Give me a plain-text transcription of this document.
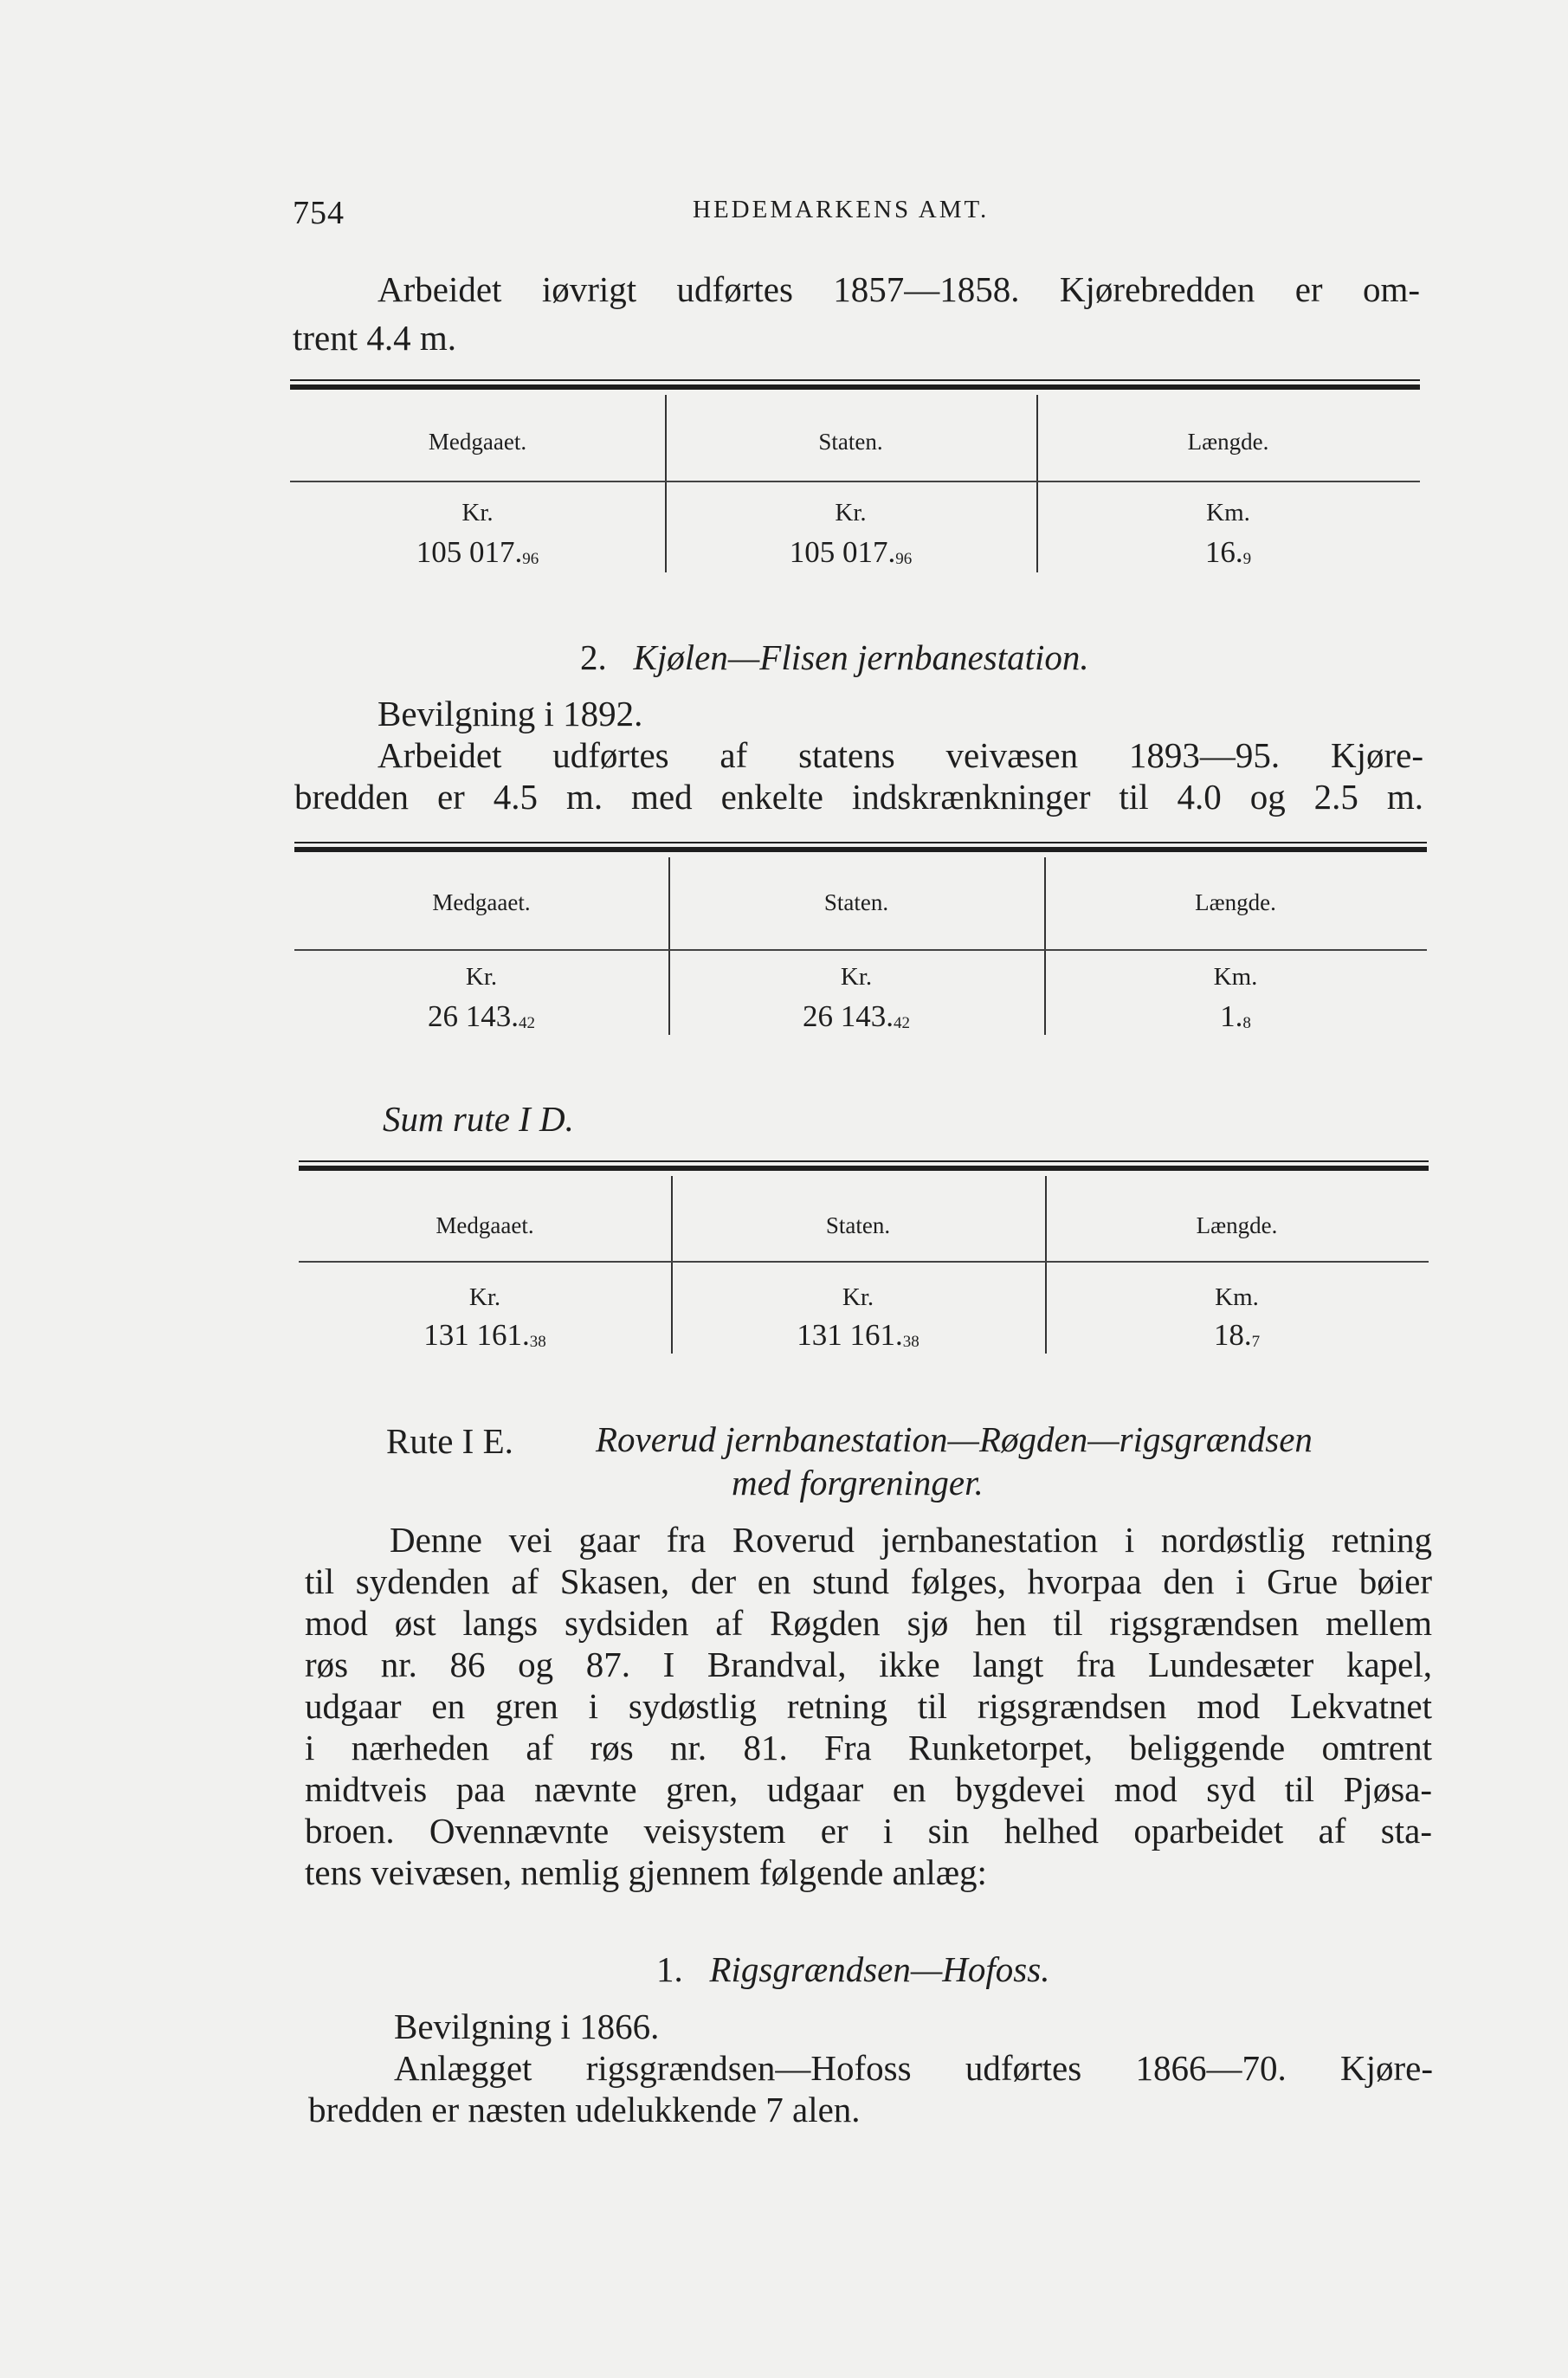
754	HEDEMARKENS AMT.
Arbeidet iøvrigt udførtes 1857—1858. Kjørebredden er om-
trent 4.4 m.
Medgaaet.	Staten.	Længde.
Kr.	Kr.	Km.
105 017.96	105 017.96	16.9
2. Kjølen—Flisen jernbanestation.
Bevilgning i 1892.
Arbeidet udførtes af statens veivæsen 1893—95. Kjøre-
bredden er 4.5 m. med enkelte indskrænkninger til 4.0 og 2.5 m.
Medgaaet.	Staten.	Længde.
Kr.	Kr.	Km.
26 143.42	26 143.42	1.8
Sum rute I D.
Medgaaet.	Staten.	Længde.
Kr.	Kr.	Km.
131 161.38	131 161.38	18.7
Rute I E. Roverud jernbanestation—Røgden—rigsgrændsen
med forgreninger.
Denne vei gaar fra Roverud jernbanestation i nordøstlig retning
til sydenden af Skasen, der en stund følges, hvorpaa den i Grue bøier
mod øst langs sydsiden af Røgden sjø hen til rigsgrændsen mellem
røs nr. 86 og 87. I Brandval, ikke langt fra Lundesæter kapel,
udgaar en gren i sydøstlig retning til rigsgrændsen mod Lekvatnet
i nærheden af røs nr. 81. Fra Runketorpet, beliggende omtrent
midtveis paa nævnte gren, udgaar en bygdevei mod syd til Pjøsa-
broen. Ovennævnte veisystem er i sin helhed oparbeidet af sta-
tens veivæsen, nemlig gjennem følgende anlæg:
1. Rigsgrændsen—Hofoss.
Bevilgning i 1866.
Anlægget rigsgrændsen—Hofoss udførtes 1866—70. Kjøre-
bredden er næsten udelukkende 7 alen.
